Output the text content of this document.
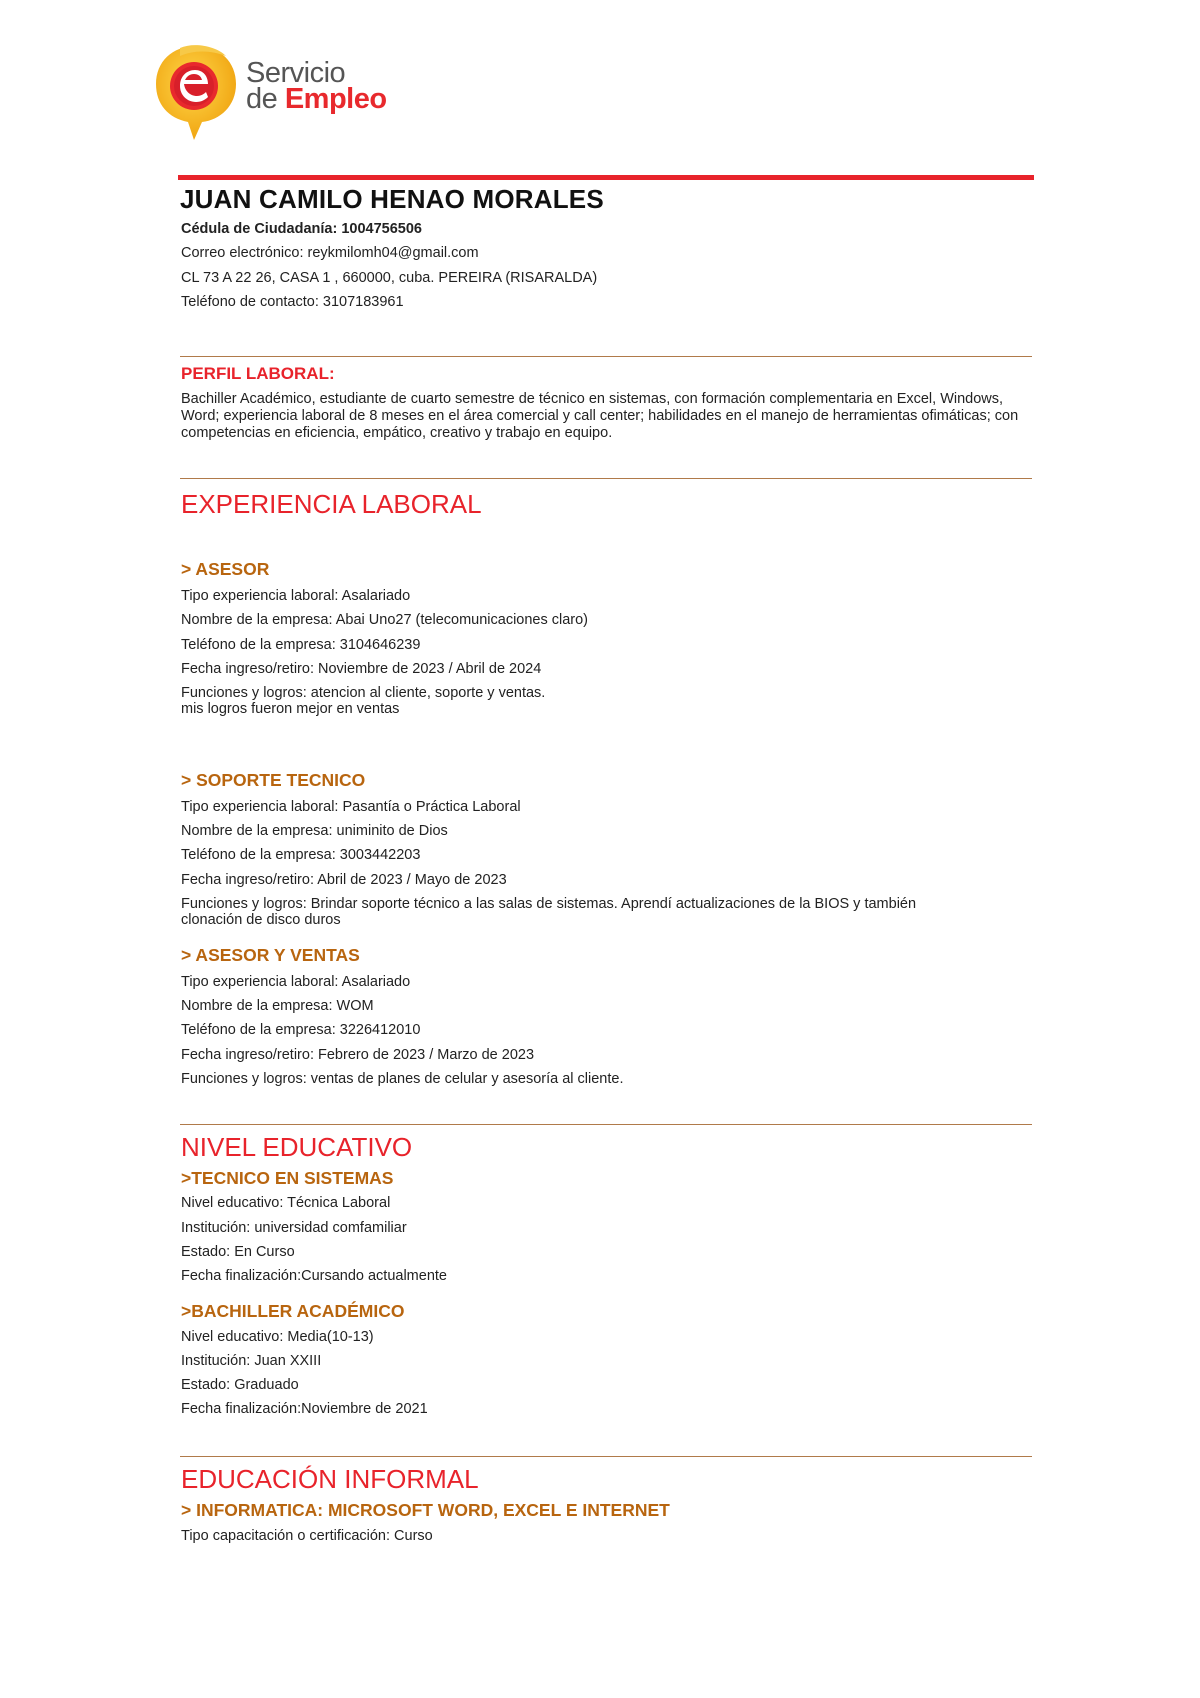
Servicio
de Empleo
JUAN CAMILO HENAO MORALES
Cédula de Ciudadanía: 1004756506
Correo electrónico: reykmilomh04@gmail.com
CL 73 A 22 26, CASA 1 , 660000, cuba. PEREIRA (RISARALDA)
Teléfono de contacto: 3107183961
PERFIL LABORAL:

Bachiller Académico, estudiante de cuarto semestre de técnico en sistemas, con formación complementaria en Excel, Windows, Word; experiencia laboral de 8 meses en el área comercial y call center; habilidades en el manejo de herramientas ofimáticas; con competencias en eficiencia, empático, creativo y trabajo en equipo.

EXPERIENCIA LABORAL
> ASESOR
Tipo experiencia laboral: Asalariado
Nombre de la empresa: Abai Uno27 (telecomunicaciones claro)
Teléfono de la empresa: 3104646239
Fecha ingreso/retiro: Noviembre de 2023 / Abril de 2024
Funciones y logros: atencion al cliente, soporte y ventas.
mis logros fueron mejor en ventas
> SOPORTE TECNICO
Tipo experiencia laboral: Pasantía o Práctica Laboral
Nombre de la empresa: uniminito de Dios
Teléfono de la empresa: 3003442203
Fecha ingreso/retiro: Abril de 2023 / Mayo de 2023
Funciones y logros: Brindar soporte técnico a las salas de sistemas. Aprendí actualizaciones de la BIOS y también
clonación de disco duros
> ASESOR Y VENTAS
Tipo experiencia laboral: Asalariado
Nombre de la empresa: WOM
Teléfono de la empresa: 3226412010
Fecha ingreso/retiro: Febrero de 2023 / Marzo de 2023
Funciones y logros: ventas de planes de celular y asesoría al cliente.
NIVEL EDUCATIVO
>TECNICO EN SISTEMAS
Nivel educativo: Técnica Laboral
Institución: universidad comfamiliar
Estado: En Curso
Fecha finalización:Cursando actualmente
>BACHILLER ACADÉMICO
Nivel educativo: Media(10-13)
Institución: Juan XXIII
Estado: Graduado
Fecha finalización:Noviembre de 2021
EDUCACIÓN INFORMAL
> INFORMATICA: MICROSOFT WORD, EXCEL E INTERNET
Tipo capacitación o certificación: Curso
